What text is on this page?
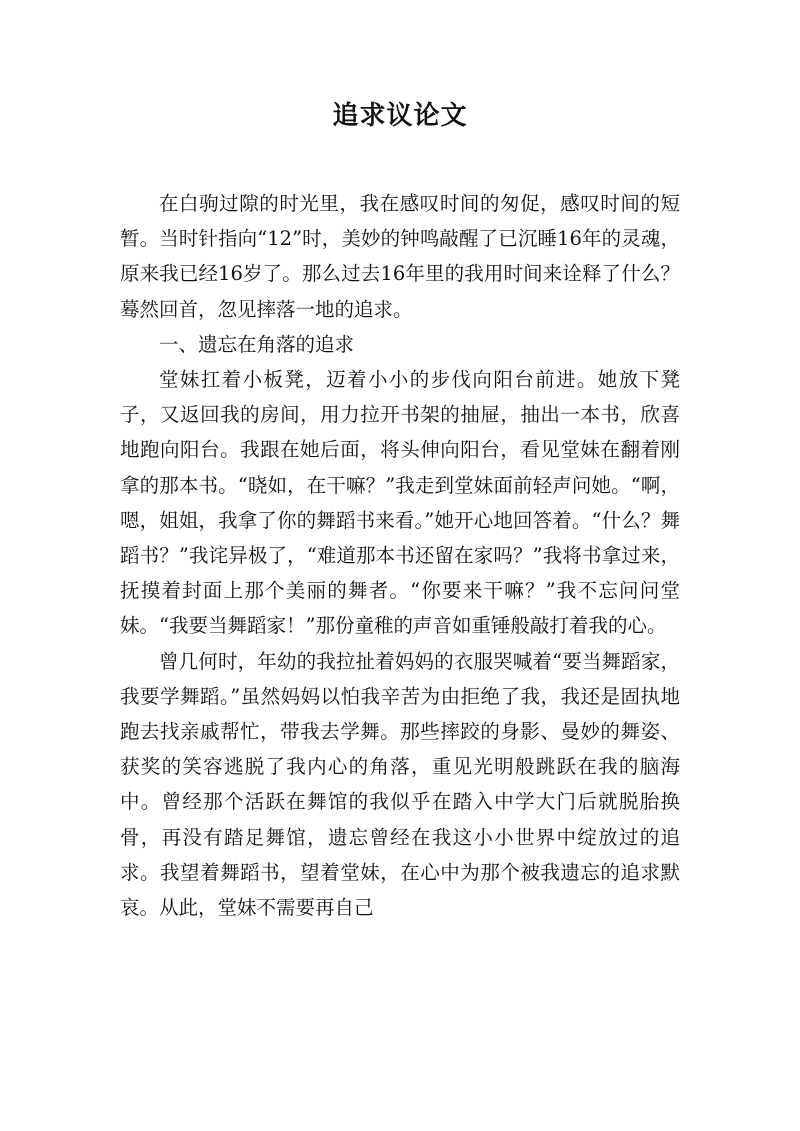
追求议论文

在白驹过隙的时光里，我在感叹时间的匆促，感叹时间的短暂。当时针指向“12”时，美妙的钟鸣敲醒了已沉睡16年的灵魂，原来我已经16岁了。那么过去16年里的我用时间来诠释了什么？蓦然回首，忽见摔落一地的追求。

一、遗忘在角落的追求

堂妹扛着小板凳，迈着小小的步伐向阳台前进。她放下凳子，又返回我的房间，用力拉开书架的抽屉，抽出一本书，欣喜地跑向阳台。我跟在她后面，将头伸向阳台，看见堂妹在翻着刚拿的那本书。“晓如，在干嘛？”我走到堂妹面前轻声问她。“啊，嗯，姐姐，我拿了你的舞蹈书来看。”她开心地回答着。“什么？舞蹈书？”我诧异极了，“难道那本书还留在家吗？”我将书拿过来，抚摸着封面上那个美丽的舞者。“你要来干嘛？”我不忘问问堂妹。“我要当舞蹈家！”那份童稚的声音如重锤般敲打着我的心。

曾几何时，年幼的我拉扯着妈妈的衣服哭喊着“要当舞蹈家，我要学舞蹈。”虽然妈妈以怕我辛苦为由拒绝了我，我还是固执地跑去找亲戚帮忙，带我去学舞。那些摔跤的身影、曼妙的舞姿、获奖的笑容逃脱了我内心的角落，重见光明般跳跃在我的脑海中。曾经那个活跃在舞馆的我似乎在踏入中学大门后就脱胎换骨，再没有踏足舞馆，遗忘曾经在我这小小世界中绽放过的追求。我望着舞蹈书，望着堂妹，在心中为那个被我遗忘的追求默哀。从此，堂妹不需要再自己
